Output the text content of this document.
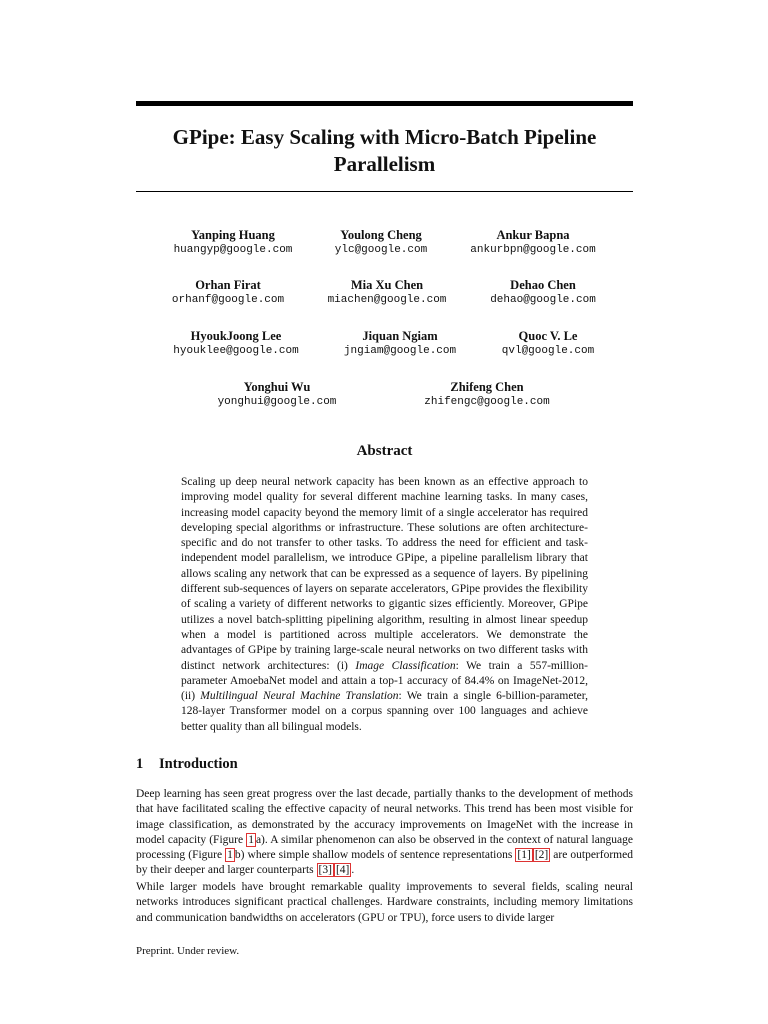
GPipe: Easy Scaling with Micro-Batch Pipeline
Parallelism
Yanping Huang
huangyp@google.com
Youlong Cheng
ylc@google.com
Ankur Bapna
ankurbpn@google.com
Orhan Firat
orhanf@google.com
Mia Xu Chen
miachen@google.com
Dehao Chen
dehao@google.com
HyoukJoong Lee
hyouklee@google.com
Jiquan Ngiam
jngiam@google.com
Quoc V. Le
qvl@google.com
Yonghui Wu
yonghui@google.com
Zhifeng Chen
zhifengc@google.com
Abstract

Scaling up deep neural network capacity has been known as an effective approach to improving model quality for several different machine learning tasks. In many cases, increasing model capacity beyond the memory limit of a single accelerator has required developing special algorithms or infrastructure. These solutions are often architecture-specific and do not transfer to other tasks. To address the need for efficient and task-independent model parallelism, we introduce GPipe, a pipeline parallelism library that allows scaling any network that can be expressed as a sequence of layers. By pipelining different sub-sequences of layers on separate accelerators, GPipe provides the flexibility of scaling a variety of different networks to gigantic sizes efficiently. Moreover, GPipe utilizes a novel batch-splitting pipelining algorithm, resulting in almost linear speedup when a model is partitioned across multiple accelerators. We demonstrate the advantages of GPipe by training large-scale neural networks on two different tasks with distinct network architectures: (i) Image Classification: We train a 557-million-parameter AmoebaNet model and attain a top-1 accuracy of 84.4% on ImageNet-2012, (ii) Multilingual Neural Machine Translation: We train a single 6-billion-parameter, 128-layer Transformer model on a corpus spanning over 100 languages and achieve better quality than all bilingual models.

1 Introduction

Deep learning has seen great progress over the last decade, partially thanks to the development of methods that have facilitated scaling the effective capacity of neural networks. This trend has been most visible for image classification, as demonstrated by the accuracy improvements on ImageNet with the increase in model capacity (Figure 1 a). A similar phenomenon can also be observed in the context of natural language processing (Figure 1 b) where simple shallow models of sentence representations [1] [2] are outperformed by their deeper and larger counterparts [3] [4] .

While larger models have brought remarkable quality improvements to several fields, scaling neural networks introduces significant practical challenges. Hardware constraints, including memory limitations and communication bandwidths on accelerators (GPU or TPU), force users to divide larger

Preprint. Under review.
